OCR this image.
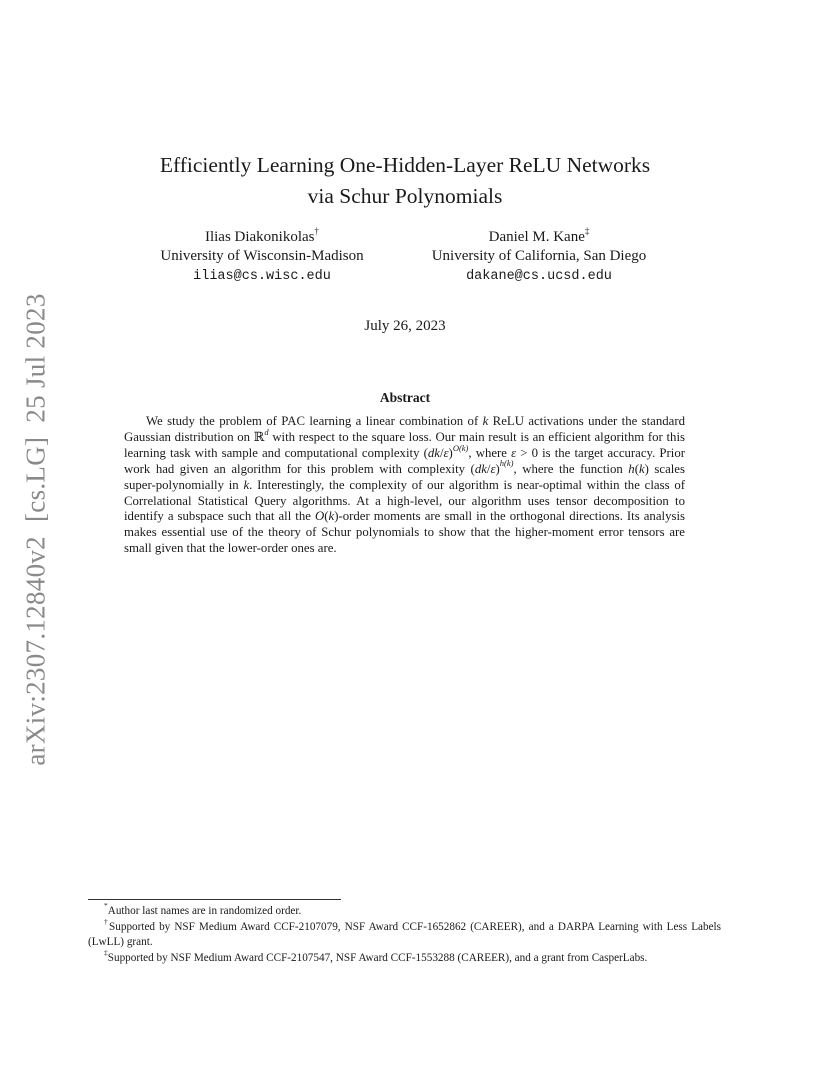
arXiv:2307.12840v2[cs.LG]25 Jul 2023
Efficiently Learning One-Hidden-Layer ReLU Networks
via Schur Polynomials
Ilias Diakonikolas†
University of Wisconsin-Madison
ilias@cs.wisc.edu
Daniel M. Kane‡
University of California, San Diego
dakane@cs.ucsd.edu
July 26, 2023
Abstract
We study the problem of PAC learning a linear combination of k ReLU activations under the standard Gaussian distribution on ℝ$^d$ with respect to the square loss. Our main result is an efficient algorithm for this learning task with sample and computational complexity $(dk/\varepsilon)^{O(k)}$, where ε > 0 is the target accuracy. Prior work had given an algorithm for this problem with complexity $(dk/\varepsilon)^{h(k)}$, where the function h(k) scales super-polynomially in k. Interestingly, the complexity of our algorithm is near-optimal within the class of Correlational Statistical Query algorithms. At a high-level, our algorithm uses tensor decomposition to identify a subspace such that all the O(k)-order moments are small in the orthogonal directions. Its analysis makes essential use of the theory of Schur polynomials to show that the higher-moment error tensors are small given that the lower-order ones are.

*Author last names are in randomized order.

†Supported by NSF Medium Award CCF-2107079, NSF Award CCF-1652862 (CAREER), and a DARPA Learning with Less Labels (LwLL) grant.

‡Supported by NSF Medium Award CCF-2107547, NSF Award CCF-1553288 (CAREER), and a grant from CasperLabs.
